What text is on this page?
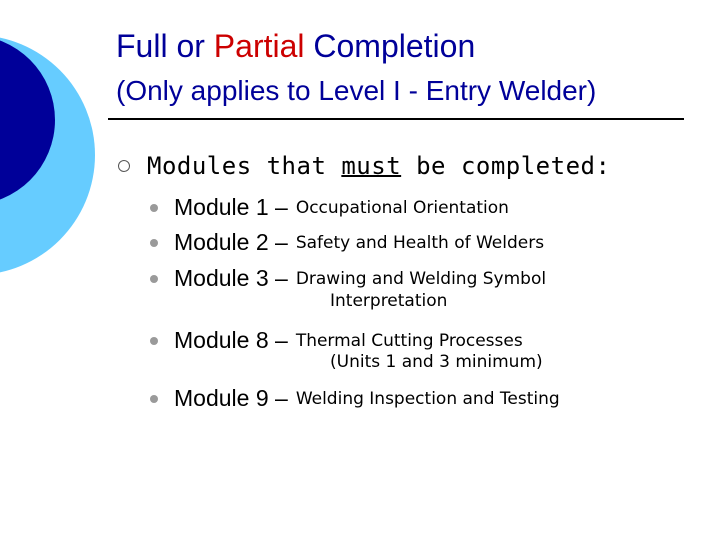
Full or Partial Completion
(Only applies to Level I - Entry Welder)
Modules that must be completed:
Module 1 – Occupational Orientation
Module 2 – Safety and Health of Welders
Module 3 – Drawing and Welding Symbol
Interpretation
Module 8 – Thermal Cutting Processes
(Units 1 and 3 minimum)
Module 9 – Welding Inspection and Testing
